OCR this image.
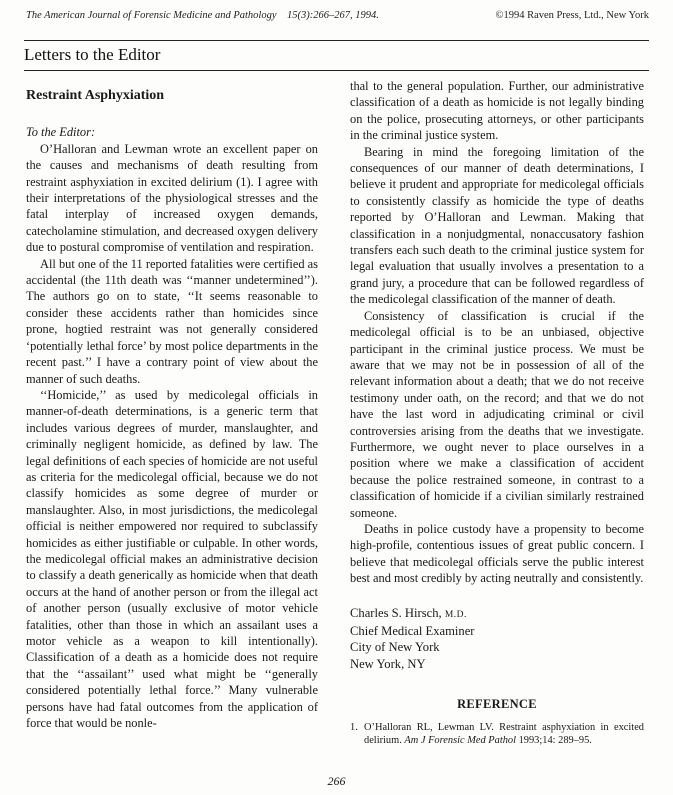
The American Journal of Forensic Medicine and Pathology 15(3):266–267, 1994.	©1994 Raven Press, Ltd., New York
Letters to the Editor
Restraint Asphyxiation
To the Editor:

O’Halloran and Lewman wrote an excellent paper on the causes and mechanisms of death resulting from restraint asphyxiation in excited delirium (1). I agree with their interpretations of the physiological stresses and the fatal interplay of increased oxygen demands, catecholamine stimulation, and decreased oxygen delivery due to postural compromise of ventilation and respiration.

All but one of the 11 reported fatalities were certified as accidental (the 11th death was ‘‘manner undetermined’’). The authors go on to state, ‘‘It seems reasonable to consider these accidents rather than homicides since prone, hogtied restraint was not generally considered ‘potentially lethal force’ by most police departments in the recent past.’’ I have a contrary point of view about the manner of such deaths.

‘‘Homicide,’’ as used by medicolegal officials in manner-of-death determinations, is a generic term that includes various degrees of murder, manslaughter, and criminally negligent homicide, as defined by law. The legal definitions of each species of homicide are not useful as criteria for the medicolegal official, because we do not classify homicides as some degree of murder or manslaughter. Also, in most jurisdictions, the medicolegal official is neither empowered nor required to subclassify homicides as either justifiable or culpable. In other words, the medicolegal official makes an administrative decision to classify a death generically as homicide when that death occurs at the hand of another person or from the illegal act of another person (usually exclusive of motor vehicle fatalities, other than those in which an assailant uses a motor vehicle as a weapon to kill intentionally). Classification of a death as a homicide does not require that the ‘‘assailant’’ used what might be ‘‘generally considered potentially lethal force.’’ Many vulnerable persons have had fatal outcomes from the application of force that would be nonle-

thal to the general population. Further, our administrative classification of a death as homicide is not legally binding on the police, prosecuting attorneys, or other participants in the criminal justice system.

Bearing in mind the foregoing limitation of the consequences of our manner of death determinations, I believe it prudent and appropriate for medicolegal officials to consistently classify as homicide the type of deaths reported by O’Halloran and Lewman. Making that classification in a nonjudgmental, nonaccusatory fashion transfers each such death to the criminal justice system for legal evaluation that usually involves a presentation to a grand jury, a procedure that can be followed regardless of the medicolegal classification of the manner of death.

Consistency of classification is crucial if the medicolegal official is to be an unbiased, objective participant in the criminal justice process. We must be aware that we may not be in possession of all of the relevant information about a death; that we do not receive testimony under oath, on the record; and that we do not have the last word in adjudicating criminal or civil controversies arising from the deaths that we investigate. Furthermore, we ought never to place ourselves in a position where we make a classification of accident because the police restrained someone, in contrast to a classification of homicide if a civilian similarly restrained someone.

Deaths in police custody have a propensity to become high-profile, contentious issues of great public concern. I believe that medicolegal officials serve the public interest best and most credibly by acting neutrally and consistently.

Charles S. Hirsch, M.D.
Chief Medical Examiner
City of New York
New York, NY
REFERENCE
1. O’Halloran RL, Lewman LV. Restraint asphyxiation in excited delirium. Am J Forensic Med Pathol 1993;14: 289–95.
266
